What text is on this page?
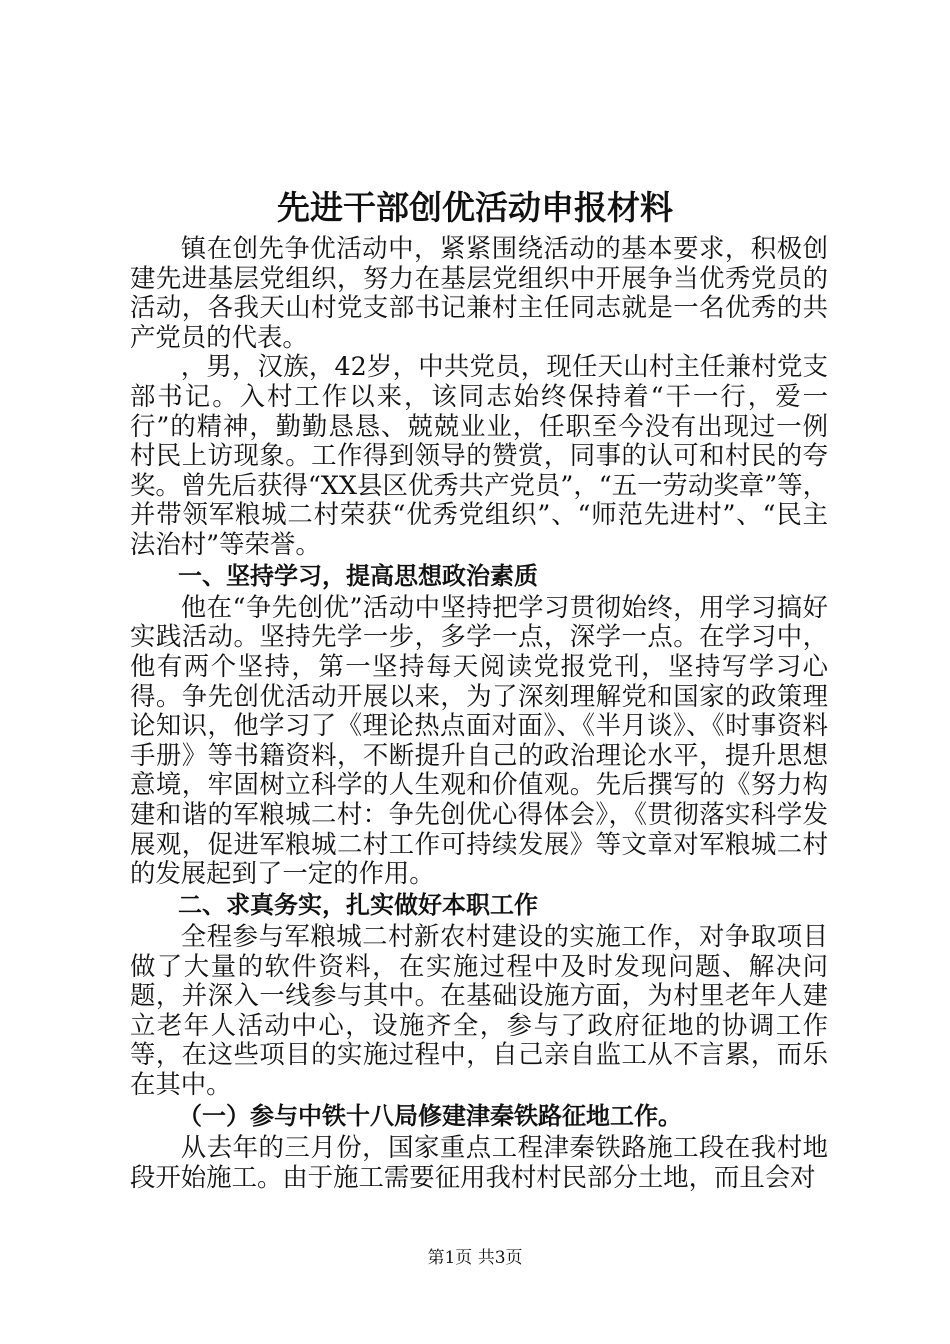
先进干部创优活动申报材料

镇在创先争优活动中，紧紧围绕活动的基本要求，积极创建先进基层党组织，努力在基层党组织中开展争当优秀党员的活动，各我天山村党支部书记兼村主任同志就是一名优秀的共产党员的代表。

，男，汉族，42岁，中共党员，现任天山村主任兼村党支部书记。入村工作以来，该同志始终保持着“干一行，爱一行”的精神，勤勤恳恳、兢兢业业，任职至今没有出现过一例村民上访现象。工作得到领导的赞赏，同事的认可和村民的夸奖。曾先后获得“XX县区优秀共产党员”，“五一劳动奖章”等，并带领军粮城二村荣获“优秀党组织”、“师范先进村”、“民主法治村”等荣誉。

一、坚持学习，提高思想政治素质

他在“争先创优”活动中坚持把学习贯彻始终，用学习搞好实践活动。坚持先学一步，多学一点，深学一点。在学习中，他有两个坚持，第一坚持每天阅读党报党刊，坚持写学习心得。争先创优活动开展以来，为了深刻理解党和国家的政策理论知识，他学习了《理论热点面对面》、《半月谈》、《时事资料手册》等书籍资料，不断提升自己的政治理论水平，提升思想意境，牢固树立科学的人生观和价值观。先后撰写的《努力构建和谐的军粮城二村：争先创优心得体会》，《贯彻落实科学发展观，促进军粮城二村工作可持续发展》等文章对军粮城二村的发展起到了一定的作用。

二、求真务实，扎实做好本职工作

全程参与军粮城二村新农村建设的实施工作，对争取项目做了大量的软件资料，在实施过程中及时发现问题、解决问题，并深入一线参与其中。在基础设施方面，为村里老年人建立老年人活动中心，设施齐全，参与了政府征地的协调工作等，在这些项目的实施过程中，自己亲自监工从不言累，而乐在其中。

（一）参与中铁十八局修建津秦铁路征地工作。

从去年的三月份，国家重点工程津秦铁路施工段在我村地段开始施工。由于施工需要征用我村村民部分土地，而且会对

第1页 共3页
